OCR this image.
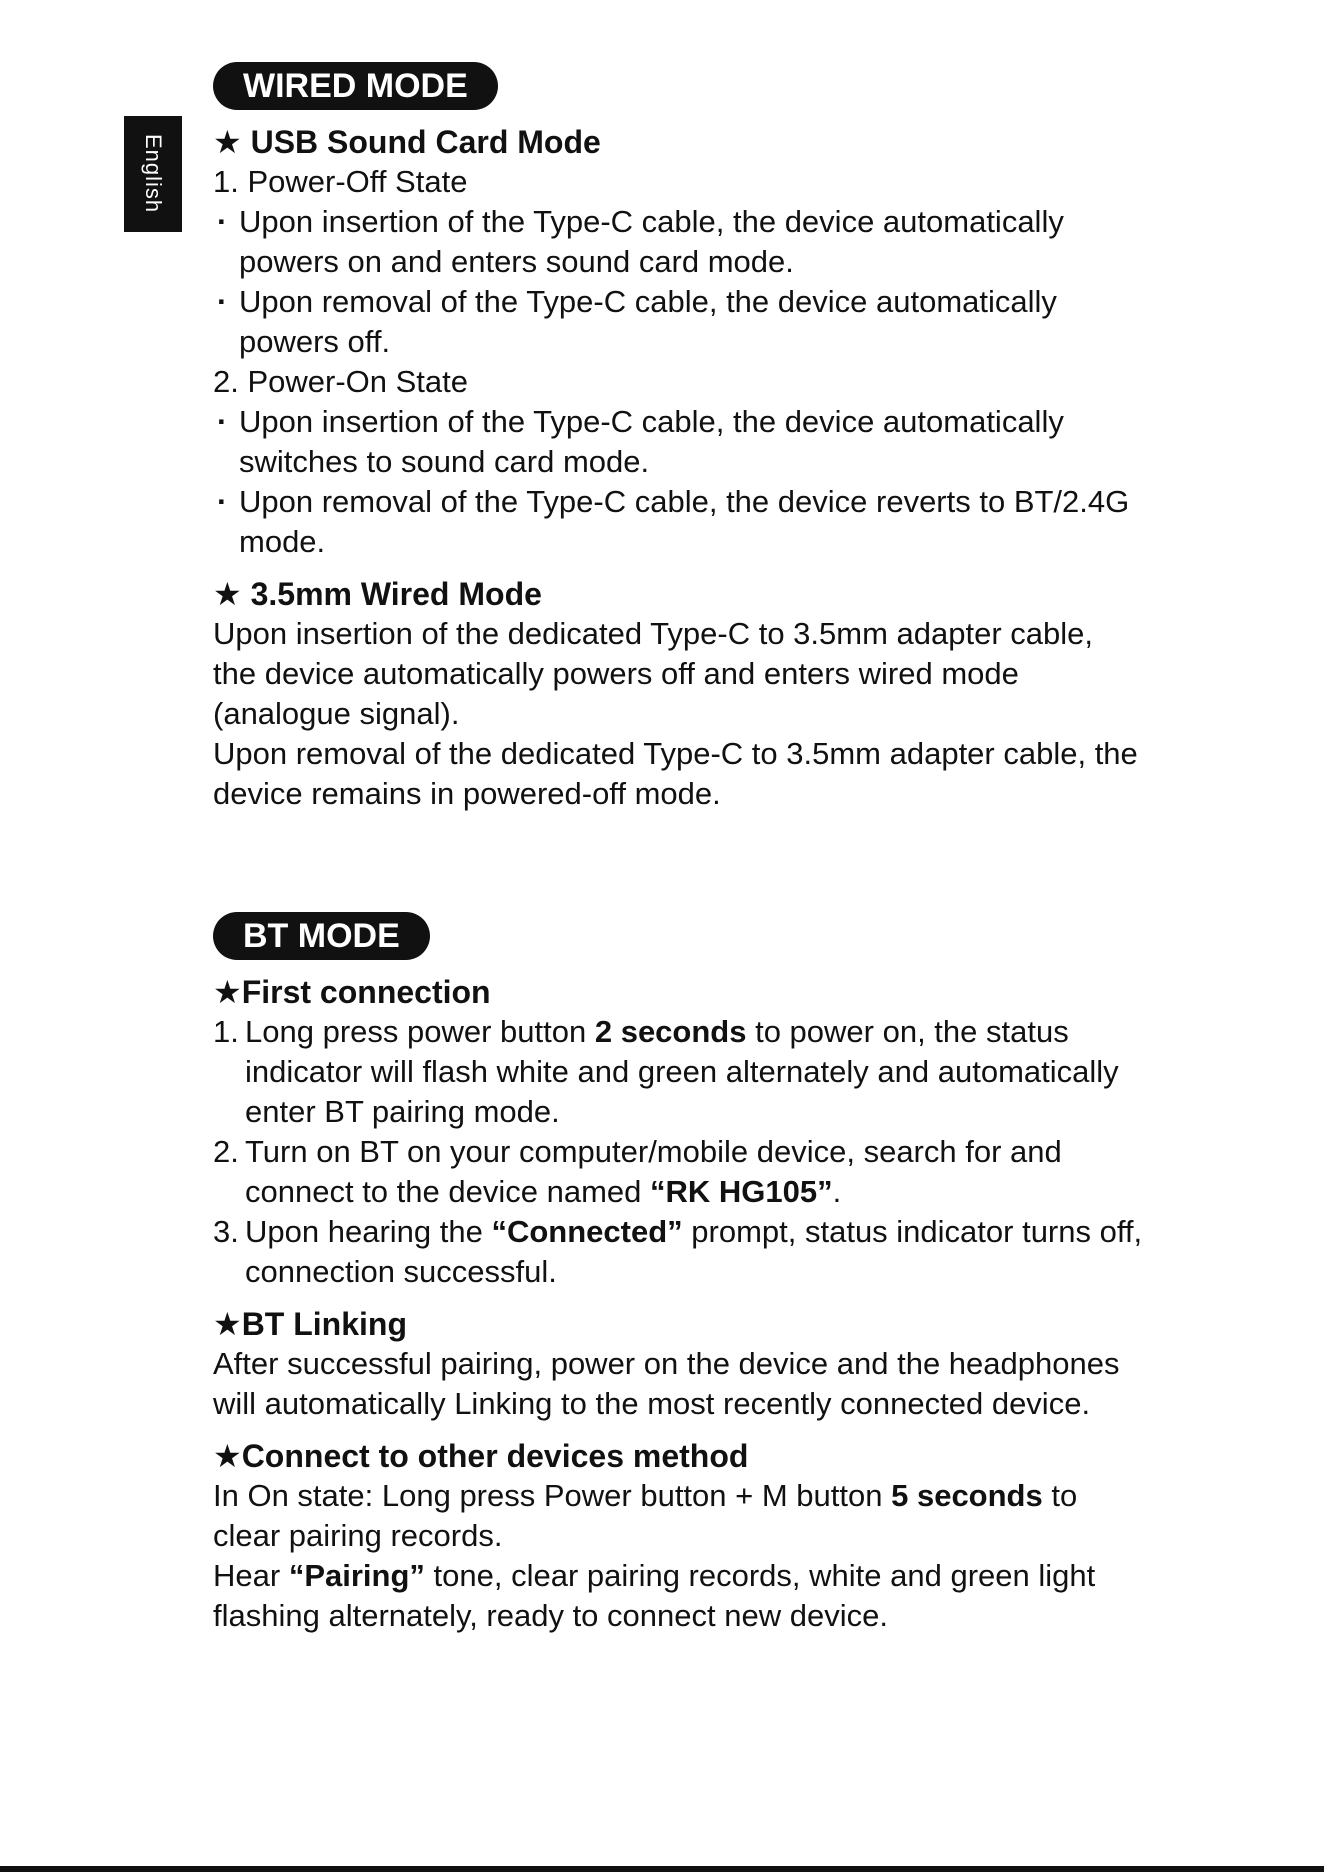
English
WIRED MODE
★ USB Sound Card Mode
1. Power-Off State
· Upon insertion of the Type-C cable, the device automatically powers on and enters sound card mode.
· Upon removal of the Type-C cable, the device automatically powers off.
2. Power-On State
· Upon insertion of the Type-C cable, the device automatically switches to sound card mode.
· Upon removal of the Type-C cable, the device reverts to BT/2.4G mode.
★ 3.5mm Wired Mode
Upon insertion of the dedicated Type-C to 3.5mm adapter cable, the device automatically powers off and enters wired mode (analogue signal).
Upon removal of the dedicated Type-C to 3.5mm adapter cable, the device remains in powered-off mode.
BT MODE
★First connection
1. Long press power button 2 seconds to power on, the status indicator will flash white and green alternately and automatically enter BT pairing mode.
2. Turn on BT on your computer/mobile device, search for and connect to the device named “RK HG105”.
3. Upon hearing the “Connected” prompt, status indicator turns off, connection successful.
★BT Linking
After successful pairing, power on the device and the headphones will automatically Linking to the most recently connected device.
★Connect to other devices method
In On state: Long press Power button + M button 5 seconds to clear pairing records.
Hear “Pairing” tone, clear pairing records, white and green light flashing alternately, ready to connect new device.
